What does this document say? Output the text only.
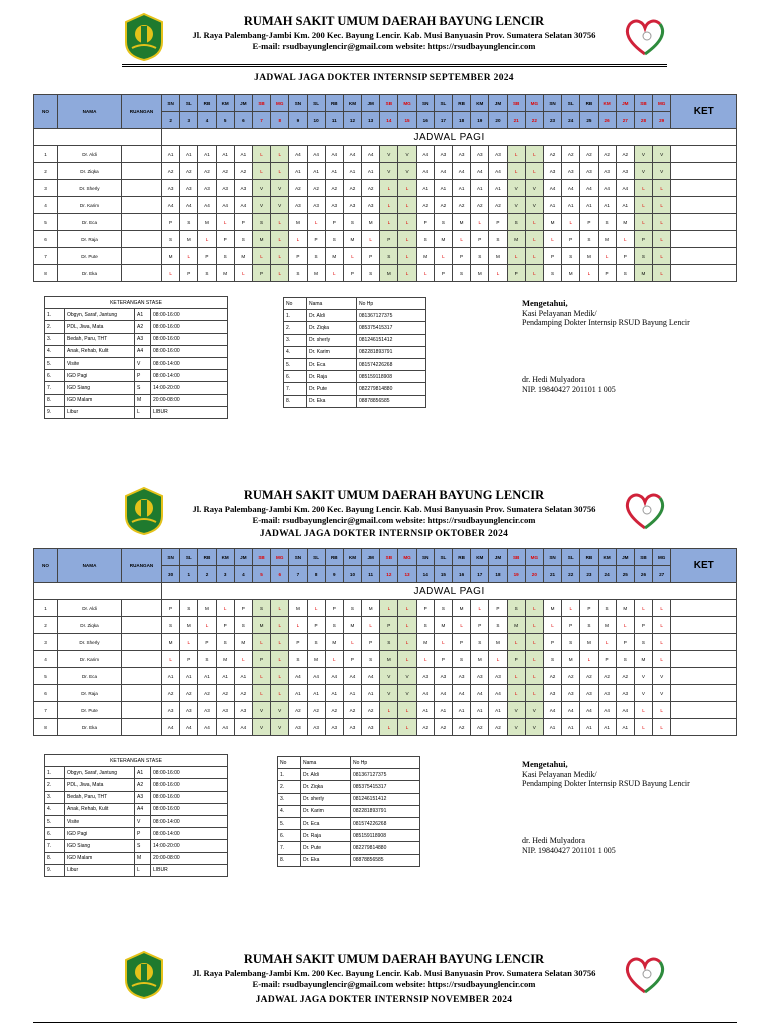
RUMAH SAKIT UMUM DAERAH BAYUNG LENCIR
Jl. Raya Palembang-Jambi Km. 200 Kec. Bayung Lencir. Kab. Musi Banyuasin Prov. Sumatera Selatan 30756
E-mail: rsudbayunglencir@gmail.com website: https://rsudbayunglencir.com
JADWAL JAGA DOKTER INTERNSIP SEPTEMBER 2024
NO	NAMA	RUANGAN	SN	SL	RB	KM	JM	SB	MG	SN	SL	RB	KM	JM	SB	MG	SN	SL	RB	KM	JM	SB	MG	SN	SL	RB	KM	JM	SB	MG	KET
			2	3	4	5	6	7	8	9	10	11	12	13	14	15	16	17	18	19	20	21	22	23	24	25	26	27	28	29	
			JADWAL PAGI																												
1	Dr. Aldi		A1	A1	A1	A1	A1	L	L	A4	A4	A4	A4	A4	V	V	A4	A3	A3	A3	A3	L	L	A2	A2	A2	A2	A2	V	V	
2	Dr. Ziqka		A2	A2	A2	A2	A2	L	L	A1	A1	A1	A1	A1	V	V	A4	A4	A4	A4	A4	L	L	A3	A3	A3	A3	A3	V	V	
3	Dr. Sherly		A3	A3	A3	A3	A3	V	V	A2	A2	A2	A2	A2	L	L	A1	A1	A1	A1	A1	V	V	A4	A4	A4	A4	A4	L	L	
4	Dr. Karim		A4	A4	A4	A4	A4	V	V	A3	A3	A3	A3	A3	L	L	A2	A2	A2	A2	A2	V	V	A1	A1	A1	A1	A1	L	L	
5	Dr. Eca		P	S	M	L	P	S	L	M	L	P	S	M	L	L	P	S	M	L	P	S	L	M	L	P	S	M	L	L	
6	Dr. Raja		S	M	L	P	S	M	L	L	P	S	M	L	P	L	S	M	L	P	S	M	L	L	P	S	M	L	P	L	
7	Dr. Pute		M	L	P	S	M	L	L	P	S	M	L	P	S	L	M	L	P	S	M	L	L	P	S	M	L	P	S	L	
8	Dr. Eka		L	P	S	M	L	P	L	S	M	L	P	S	M	L	L	P	S	M	L	P	L	S	M	L	P	S	M	L	
KETERANGAN STASE			
1.	Obgyn, Saraf, Jantung	A1	08:00-16:00
2.	PDL, Jiwa, Mata	A2	08:00-16:00
3.	Bedah, Paru, THT	A3	08:00-16:00
4.	Anak, Rehab, Kulit	A4	08:00-16:00
5.	Visite	V	08:00-14:00
6.	IGD Pagi	P	08:00-14:00
7.	IGD Siang	S	14:00-20:00
8.	IGD Malam	M	20:00-08:00
9.	Libur	L	LIBUR
No	Nama	No Hp
1.	Dr. Aldi	081367127375
2.	Dr. Ziqka	085375415317
3.	Dr. sherly	081246151412
4.	Dr. Karim	082281893791
5.	Dr. Eca	081574226268
6.	Dr. Raja	085159118908
7.	Dr. Pute	082279814880
8.	Dr. Eka	08878856585
Mengetahui,
Kasi Pelayanan Medik/
Pendamping Dokter Internsip RSUD Bayung Lencir

dr. Hedi Mulyadora
NIP. 19840427 201101 1 005
RUMAH SAKIT UMUM DAERAH BAYUNG LENCIR
Jl. Raya Palembang-Jambi Km. 200 Kec. Bayung Lencir. Kab. Musi Banyuasin Prov. Sumatera Selatan 30756
E-mail: rsudbayunglencir@gmail.com website: https://rsudbayunglencir.com
JADWAL JAGA DOKTER INTERNSIP OKTOBER 2024
NO	NAMA	RUANGAN	SN	SL	RB	KM	JM	SB	MG	SN	SL	RB	KM	JM	SB	MG	SN	SL	RB	KM	JM	SB	MG	SN	SL	RB	KM	JM	SB	MG	KET
			30	1	2	3	4	5	6	7	8	9	10	11	12	13	14	15	16	17	18	19	20	21	22	23	24	25	26	27	
			JADWAL PAGI																												
1	Dr. Aldi		P	S	M	L	P	S	L	M	L	P	S	M	L	L	P	S	M	L	P	S	L	M	L	P	S	M	L	L	
2	Dr. Ziqka		S	M	L	P	S	M	L	L	P	S	M	L	P	L	S	M	L	P	S	M	L	L	P	S	M	L	P	L	
3	Dr. Sherly		M	L	P	S	M	L	L	P	S	M	L	P	S	L	M	L	P	S	M	L	L	P	S	M	L	P	S	L	
4	Dr. Karim		L	P	S	M	L	P	L	S	M	L	P	S	M	L	L	P	S	M	L	P	L	S	M	L	P	S	M	L	
5	Dr. Eca		A1	A1	A1	A1	A1	L	L	A4	A4	A4	A4	A4	V	V	A3	A3	A3	A3	A3	L	L	A2	A2	A2	A2	A2	V	V	
6	Dr. Raja		A2	A2	A2	A2	A2	L	L	A1	A1	A1	A1	A1	V	V	A4	A4	A4	A4	A4	L	L	A3	A3	A3	A3	A3	V	V	
7	Dr. Pute		A3	A3	A3	A3	A3	V	V	A2	A2	A2	A2	A2	L	L	A1	A1	A1	A1	A1	V	V	A4	A4	A4	A4	A4	L	L	
8	Dr. Eka		A4	A4	A4	A4	A4	V	V	A3	A3	A3	A3	A3	L	L	A2	A2	A2	A2	A2	V	V	A1	A1	A1	A1	A1	L	L	
KETERANGAN STASE			
1.	Obgyn, Saraf, Jantung	A1	08:00-16:00
2.	PDL, Jiwa, Mata	A2	08:00-16:00
3.	Bedah, Paru, THT	A3	08:00-16:00
4.	Anak, Rehab, Kulit	A4	08:00-16:00
5.	Visite	V	08:00-14:00
6.	IGD Pagi	P	08:00-14:00
7.	IGD Siang	S	14:00-20:00
8.	IGD Malam	M	20:00-08:00
9.	Libur	L	LIBUR
No	Nama	No Hp
1.	Dr. Aldi	081367127375
2.	Dr. Ziqka	085375415317
3.	Dr. sherly	081246151412
4.	Dr. Karim	082281893791
5.	Dr. Eca	081574226268
6.	Dr. Raja	085159118908
7.	Dr. Pute	082279814880
8.	Dr. Eka	08878856585
Mengetahui,
Kasi Pelayanan Medik/
Pendamping Dokter Internsip RSUD Bayung Lencir

dr. Hedi Mulyadora
NIP. 19840427 201101 1 005
RUMAH SAKIT UMUM DAERAH BAYUNG LENCIR
Jl. Raya Palembang-Jambi Km. 200 Kec. Bayung Lencir. Kab. Musi Banyuasin Prov. Sumatera Selatan 30756
E-mail: rsudbayunglencir@gmail.com website: https://rsudbayunglencir.com
JADWAL JAGA DOKTER INTERNSIP NOVEMBER 2024
